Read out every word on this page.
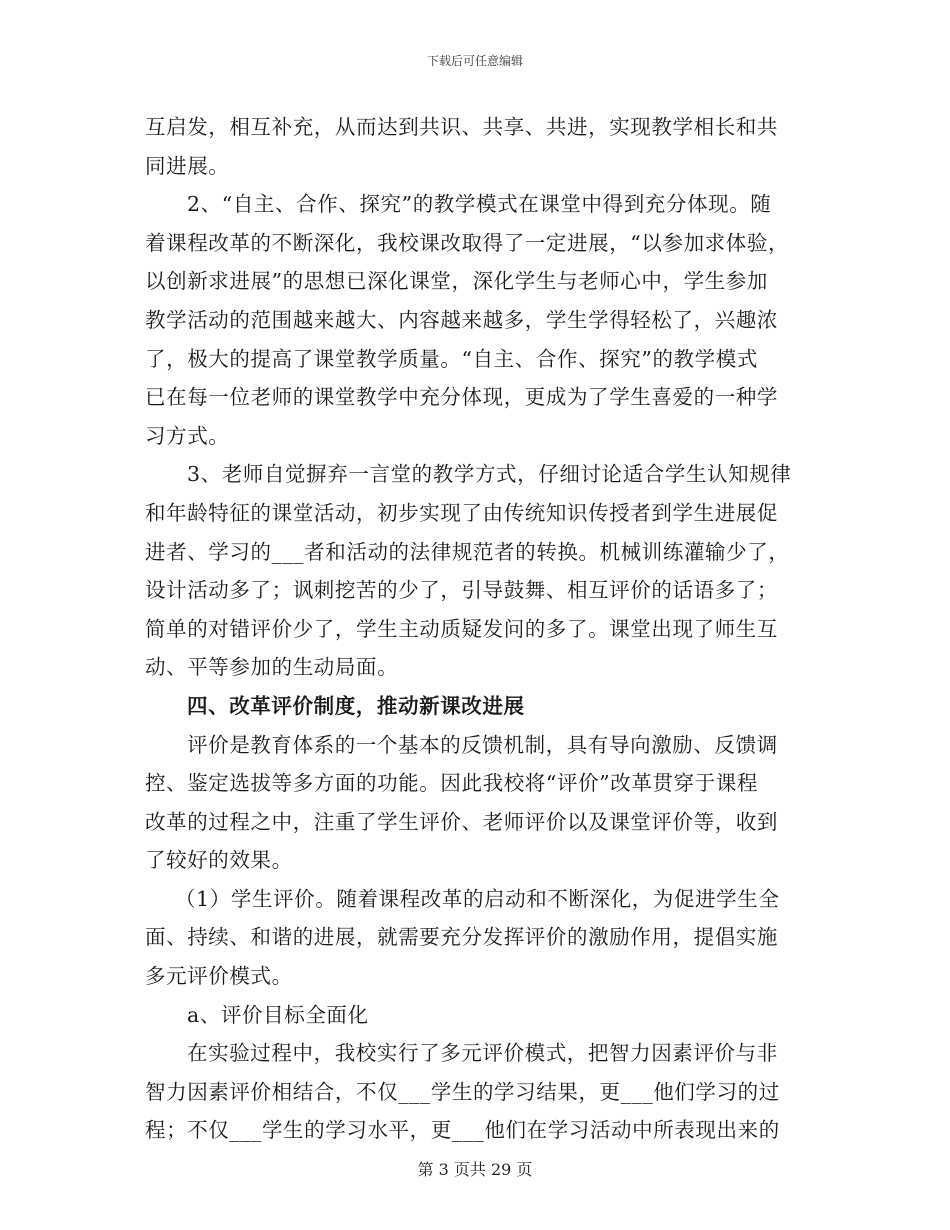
下载后可任意编辑
互启发，相互补充，从而达到共识、共享、共进，实现教学相长和共
同进展。
2、“自主、合作、探究”的教学模式在课堂中得到充分体现。随
着课程改革的不断深化，我校课改取得了一定进展，“以参加求体验，
以创新求进展”的思想已深化课堂，深化学生与老师心中，学生参加
教学活动的范围越来越大、内容越来越多，学生学得轻松了，兴趣浓
了，极大的提高了课堂教学质量。“自主、合作、探究”的教学模式
已在每一位老师的课堂教学中充分体现，更成为了学生喜爱的一种学
习方式。
3、老师自觉摒弃一言堂的教学方式，仔细讨论适合学生认知规律
和年龄特征的课堂活动，初步实现了由传统知识传授者到学生进展促
进者、学习的___者和活动的法律规范者的转换。机械训练灌输少了，
设计活动多了；讽刺挖苦的少了，引导鼓舞、相互评价的话语多了；
简单的对错评价少了，学生主动质疑发问的多了。课堂出现了师生互
动、平等参加的生动局面。
四、改革评价制度，推动新课改进展
评价是教育体系的一个基本的反馈机制，具有导向激励、反馈调
控、鉴定选拔等多方面的功能。因此我校将“评价”改革贯穿于课程
改革的过程之中，注重了学生评价、老师评价以及课堂评价等，收到
了较好的效果。
（1）学生评价。随着课程改革的启动和不断深化，为促进学生全
面、持续、和谐的进展，就需要充分发挥评价的激励作用，提倡实施
多元评价模式。
a、评价目标全面化
在实验过程中，我校实行了多元评价模式，把智力因素评价与非
智力因素评价相结合，不仅___学生的学习结果，更___他们学习的过
程；不仅___学生的学习水平，更___他们在学习活动中所表现出来的
第 3 页共 29 页
